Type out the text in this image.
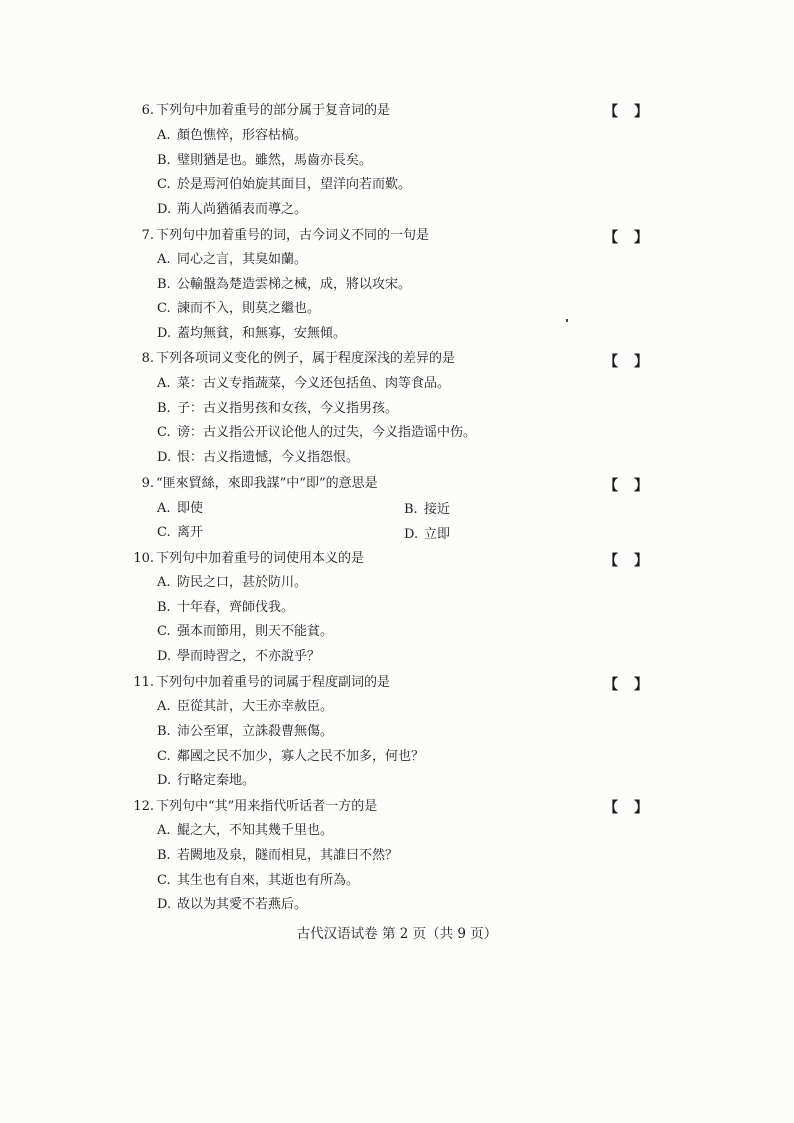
6. 下列句中加着重号的部分属于复音词的是	【 】
A. 顏色憔悴，形容枯槁。
B. 璧則猶是也。雖然，馬齒亦長矣。
C. 於是焉河伯始旋其面目，望洋向若而歎。
D. 荊人尚猶循表而導之。
7. 下列句中加着重号的词，古今词义不同的一句是	【 】
A. 同心之言，其臭如蘭。
B. 公輸盤為楚造雲梯之械，成，將以攻宋。
C. 諫而不入，則莫之繼也。
D. 蓋均無貧，和無寡，安無傾。
8. 下列各项词义变化的例子，属于程度深浅的差异的是	【 】
A. 菜：古义专指蔬菜，今义还包括鱼、肉等食品。
B. 子：古义指男孩和女孩，今义指男孩。
C. 谤：古义指公开议论他人的过失，今义指造谣中伤。
D. 恨：古义指遗憾，今义指怨恨。
9. “匪來貿絲，來即我謀”中“即”的意思是	【 】
A. 即使	B. 接近
C. 离开	D. 立即
10. 下列句中加着重号的词使用本义的是	【 】
A. 防民之口，甚於防川。
B. 十年春，齊師伐我。
C. 强本而節用，則天不能貧。
D. 學而時習之，不亦說乎？
11. 下列句中加着重号的词属于程度副词的是	【 】
A. 臣從其計，大王亦幸赦臣。
B. 沛公至軍，立誅殺曹無傷。
C. 鄰國之民不加少，寡人之民不加多，何也？
D. 行略定秦地。
12. 下列句中“其”用来指代听话者一方的是	【 】
A. 鯤之大，不知其幾千里也。
B. 若闕地及泉，隧而相見，其誰曰不然？
C. 其生也有自來，其逝也有所為。
D. 故以为其愛不若燕后。
古代汉语试卷 第 2 页（共 9 页）
